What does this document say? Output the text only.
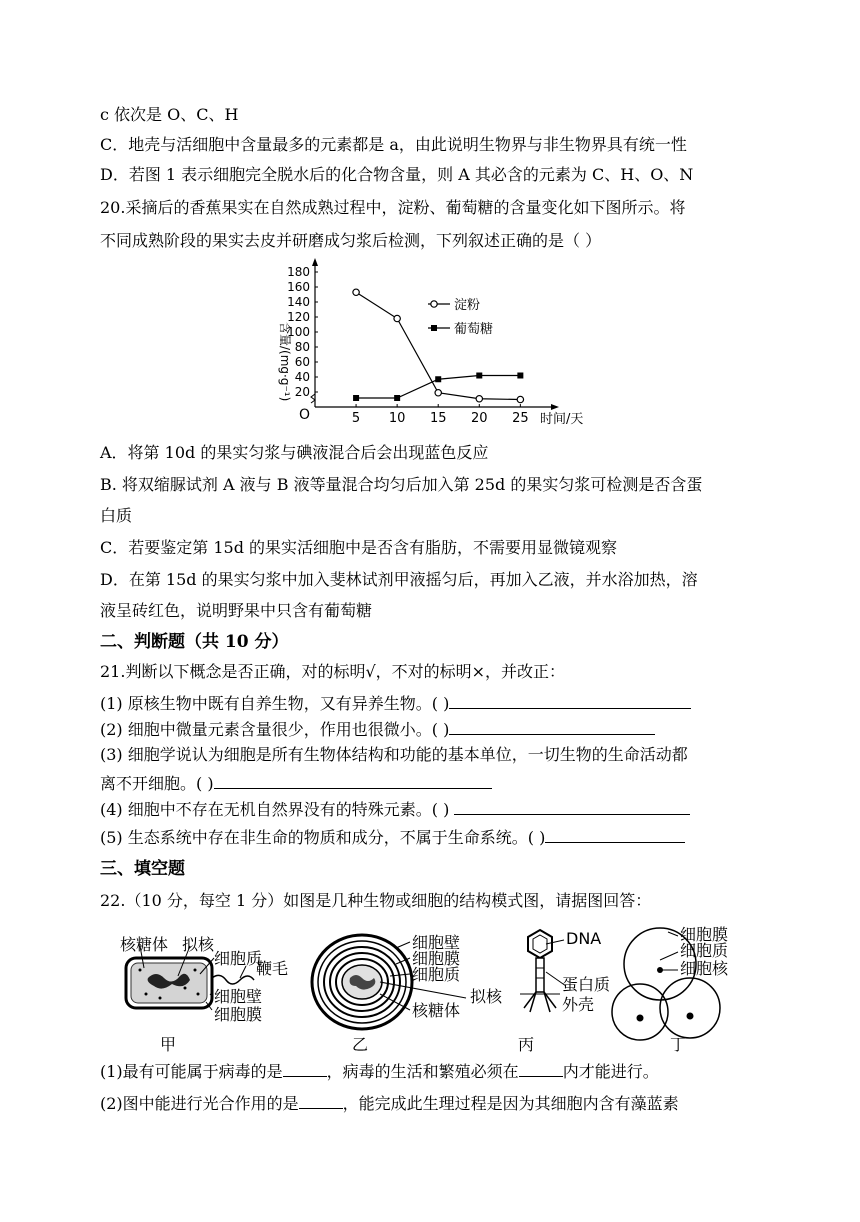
c 依次是 O、C、H
C．地壳与活细胞中含量最多的元素都是 a，由此说明生物界与非生物界具有统一性
D．若图 1 表示细胞完全脱水后的化合物含量，则 A 其必含的元素为 C、H、O、N
20.采摘后的香蕉果实在自然成熟过程中，淀粉、葡萄糖的含量变化如下图所示。将
不同成熟阶段的果实去皮并研磨成匀浆后检测，下列叙述正确的是（ ）
20
40
60
80
100
120
140
160
180
5 10 15 20 25
O	时间/天
含量/(mg·g⁻¹)
淀粉
葡萄糖
A．将第 10d 的果实匀浆与碘液混合后会出现蓝色反应
B. 将双缩脲试剂 A 液与 B 液等量混合均匀后加入第 25d 的果实匀浆可检测是否含蛋
白质
C．若要鉴定第 15d 的果实活细胞中是否含有脂肪，不需要用显微镜观察
D．在第 15d 的果实匀浆中加入斐林试剂甲液摇匀后，再加入乙液，并水浴加热，溶
液呈砖红色，说明野果中只含有葡萄糖
二、判断题（共 10 分）
21.判断以下概念是否正确，对的标明√，不对的标明×，并改正：
(1) 原核生物中既有自养生物，又有异养生物。( )
(2) 细胞中微量元素含量很少，作用也很微小。( )
(3) 细胞学说认为细胞是所有生物体结构和功能的基本单位，一切生物的生命活动都
离不开细胞。( )
(4) 细胞中不存在无机自然界没有的特殊元素。( )
(5) 生态系统中存在非生命的物质和成分，不属于生命系统。( )
三、填空题
22.（10 分，每空 1 分）如图是几种生物或细胞的结构模式图，请据图回答：
核糖体 拟核
细胞质
鞭毛
细胞壁
细胞膜
甲
细胞壁
细胞膜
细胞质
拟核
核糖体
乙
DNA
蛋白质
外壳
丙
细胞膜
细胞质
细胞核
丁
(1)最有可能属于病毒的是	，病毒的生活和繁殖必须在	内才能进行。
(2)图中能进行光合作用的是	，能完成此生理过程是因为其细胞内含有藻蓝素
